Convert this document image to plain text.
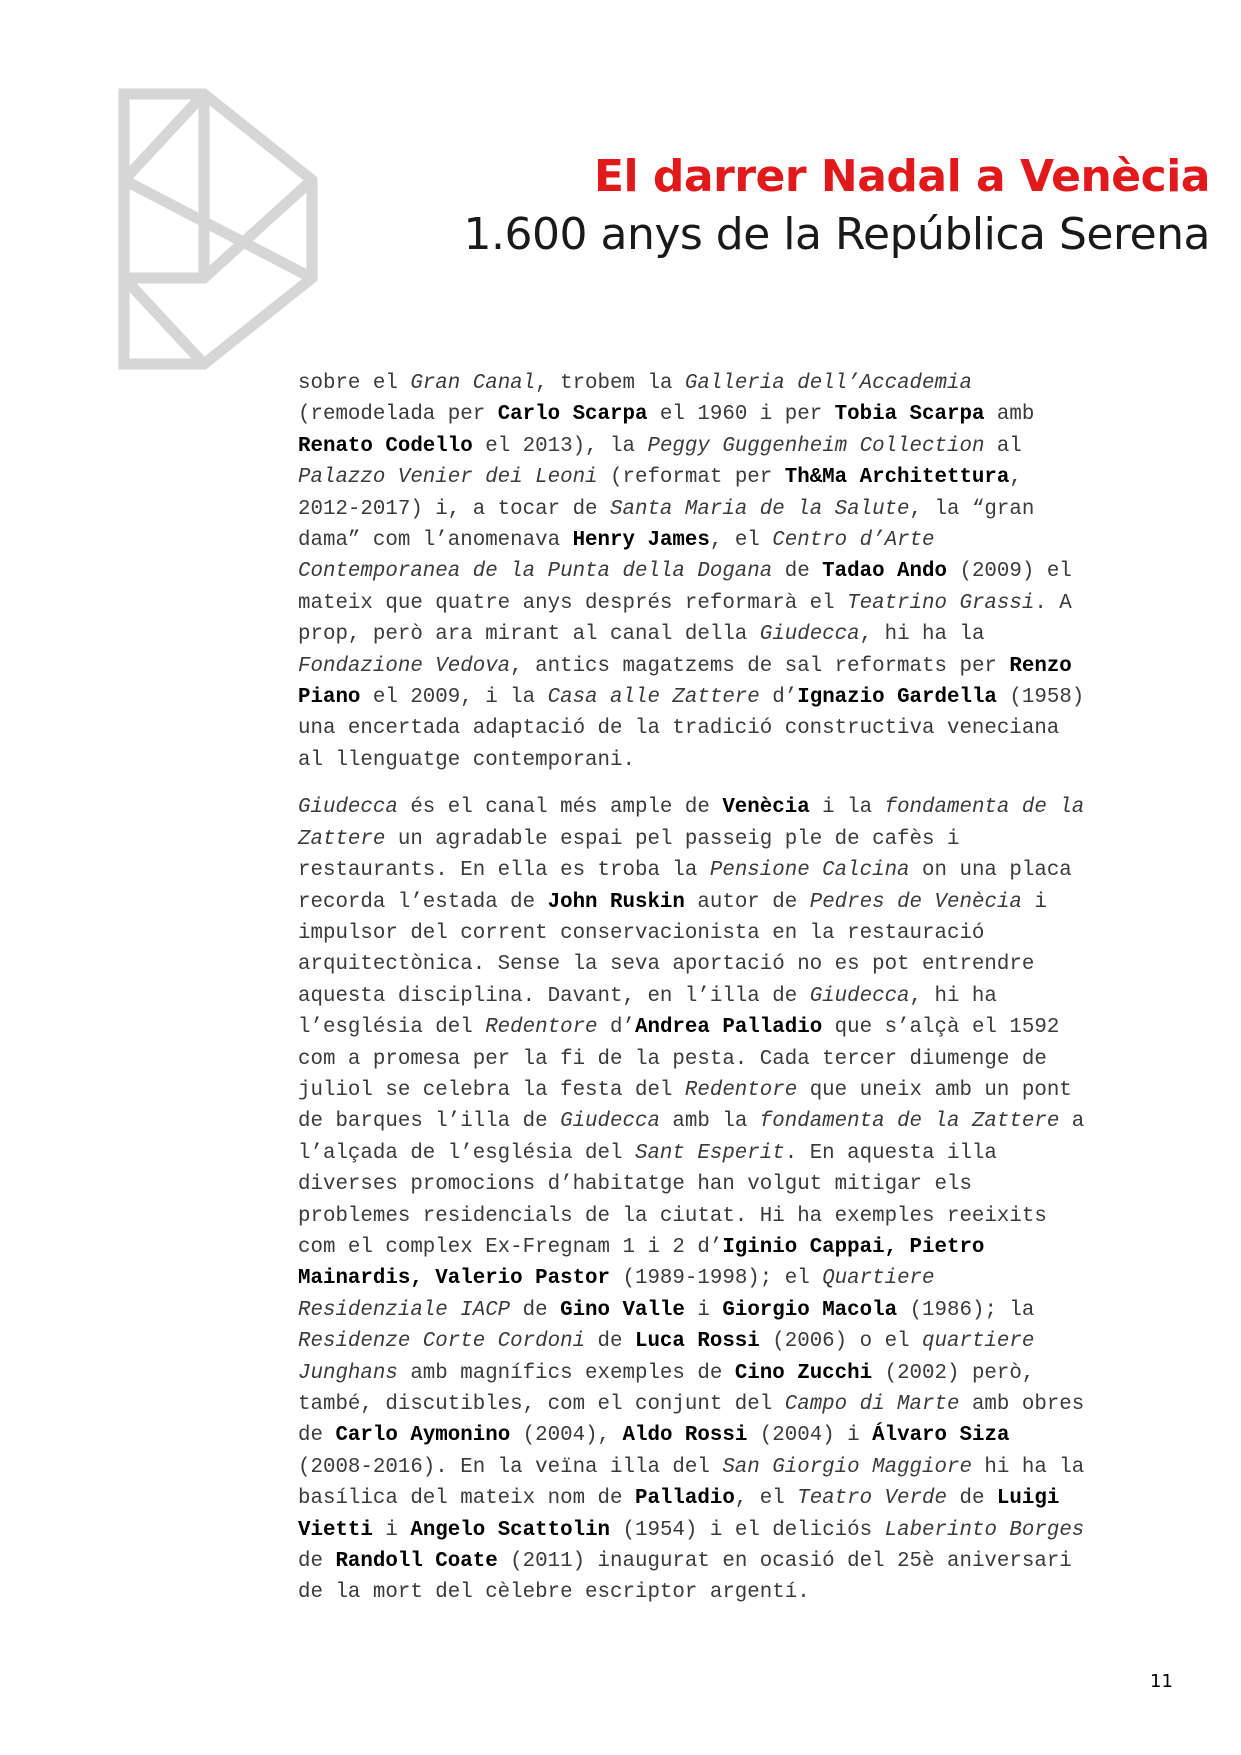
El darrer Nadal a Venècia
1.600 anys de la República Serena

sobre el Gran Canal, trobem la Galleria dell’Accademia
(remodelada per Carlo Scarpa el 1960 i per Tobia Scarpa amb
Renato Codello el 2013), la Peggy Guggenheim Collection al
Palazzo Venier dei Leoni (reformat per Th&Ma Architettura,
2012-2017) i, a tocar de Santa Maria de la Salute, la “gran
dama” com l’anomenava Henry James, el Centro d’Arte
Contemporanea de la Punta della Dogana de Tadao Ando (2009) el
mateix que quatre anys després reformarà el Teatrino Grassi. A
prop, però ara mirant al canal della Giudecca, hi ha la
Fondazione Vedova, antics magatzems de sal reformats per Renzo
Piano el 2009, i la Casa alle Zattere d’Ignazio Gardella (1958)
una encertada adaptació de la tradició constructiva veneciana
al llenguatge contemporani.

Giudecca és el canal més ample de Venècia i la fondamenta de la
Zattere un agradable espai pel passeig ple de cafès i
restaurants. En ella es troba la Pensione Calcina on una placa
recorda l’estada de John Ruskin autor de Pedres de Venècia i
impulsor del corrent conservacionista en la restauració
arquitectònica. Sense la seva aportació no es pot entrendre
aquesta disciplina. Davant, en l’illa de Giudecca, hi ha
l’església del Redentore d’Andrea Palladio que s’alçà el 1592
com a promesa per la fi de la pesta. Cada tercer diumenge de
juliol se celebra la festa del Redentore que uneix amb un pont
de barques l’illa de Giudecca amb la fondamenta de la Zattere a
l’alçada de l’església del Sant Esperit. En aquesta illa
diverses promocions d’habitatge han volgut mitigar els
problemes residencials de la ciutat. Hi ha exemples reeixits
com el complex Ex-Fregnam 1 i 2 d’Iginio Cappai, Pietro
Mainardis, Valerio Pastor (1989-1998); el Quartiere
Residenziale IACP de Gino Valle i Giorgio Macola (1986); la
Residenze Corte Cordoni de Luca Rossi (2006) o el quartiere
Junghans amb magnífics exemples de Cino Zucchi (2002) però,
també, discutibles, com el conjunt del Campo di Marte amb obres
de Carlo Aymonino (2004), Aldo Rossi (2004) i Álvaro Siza
(2008-2016). En la veïna illa del San Giorgio Maggiore hi ha la
basílica del mateix nom de Palladio, el Teatro Verde de Luigi
Vietti i Angelo Scattolin (1954) i el deliciós Laberinto Borges
de Randoll Coate (2011) inaugurat en ocasió del 25è aniversari
de la mort del cèlebre escriptor argentí.

11
